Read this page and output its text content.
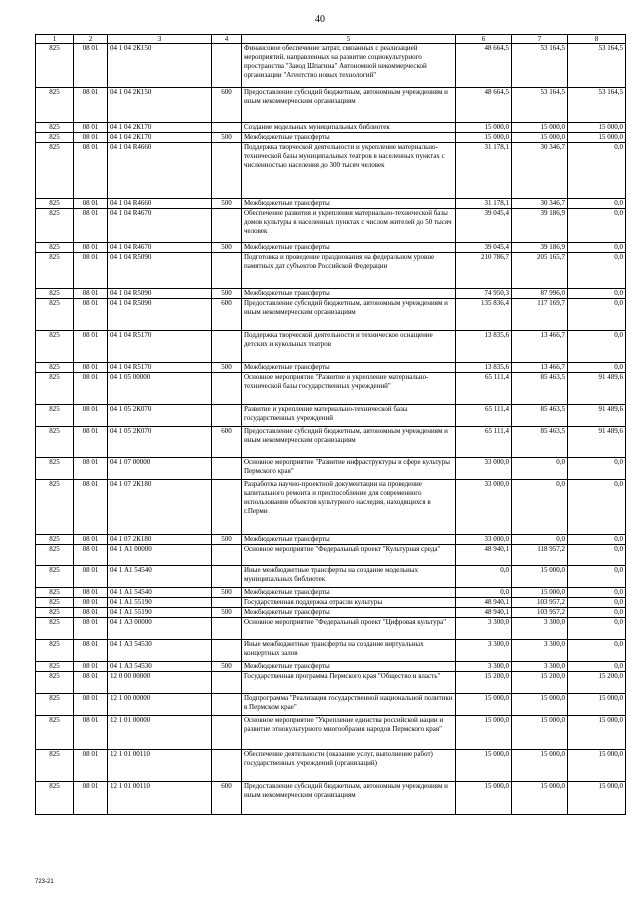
40
1	2	3	4	5	6	7	8
825	08 01	04 1 04 2К150		Финансовое обеспечение затрат, связанных с реализацией мероприятий, направленных на развитие социокультурного пространства "Завод Шпагина" Автономной некоммерческой организации "Агентство новых технологий"	48 664,5	53 164,5	53 164,5
825	08 01	04 1 04 2К150	600	Предоставление субсидий бюджетным, автономным учреждениям и иным некоммерческим организациям	48 664,5	53 164,5	53 164,5
825	08 01	04 1 04 2К170		Создание модельных муниципальных библиотек	15 000,0	15 000,0	15 000,0
825	08 01	04 1 04 2К170	500	Межбюджетные трансферты	15 000,0	15 000,0	15 000,0
825	08 01	04 1 04 R4660		Поддержка творческой деятельности и укрепление материально-технической базы муниципальных театров в населенных пунктах с численностью населения до 300 тысяч человек	31 178,1	30 346,7	0,0
825	08 01	04 1 04 R4660	500	Межбюджетные трансферты	31 178,1	30 346,7	0,0
825	08 01	04 1 04 R4670		Обеспечение развития и укрепления материально-технической базы домов культуры в населенных пунктах с числом жителей до 50 тысяч человек	39 045,4	39 186,9	0,0
825	08 01	04 1 04 R4670	500	Межбюджетные трансферты	39 045,4	39 186,9	0,0
825	08 01	04 1 04 R5090		Подготовка и проведение празднования на федеральном уровне памятных дат субъектов Российской Федерации	210 786,7	205 165,7	0,0
825	08 01	04 1 04 R5090	500	Межбюджетные трансферты	74 950,3	87 996,0	0,0
825	08 01	04 1 04 R5090	600	Предоставление субсидий бюджетным, автономным учреждениям и иным некоммерческим организациям	135 836,4	117 169,7	0,0
825	08 01	04 1 04 R5170		Поддержка творческой деятельности и техническое оснащение детских и кукольных театров	13 835,6	13 466,7	0,0
825	08 01	04 1 04 R5170	500	Межбюджетные трансферты	13 835,6	13 466,7	0,0
825	08 01	04 1 05 00000		Основное мероприятие "Развитие и укрепление материально-технической базы государственных учреждений"	65 111,4	85 463,5	91 489,6
825	08 01	04 1 05 2К070		Развитие и укрепление материально-технической базы государственных учреждений	65 111,4	85 463,5	91 489,6
825	08 01	04 1 05 2К070	600	Предоставление субсидий бюджетным, автономным учреждениям и иным некоммерческим организациям	65 111,4	85 463,5	91 489,6
825	08 01	04 1 07 00000		Основное мероприятие "Развитие инфраструктуры в сфере культуры Пермского края"	33 000,0	0,0	0,0
825	08 01	04 1 07 2К180		Разработка научно-проектной документации на проведение капитального ремонта и приспособление для современного использования объектов культурного наследия, находящихся в г.Перми	33 000,0	0,0	0,0
825	08 01	04 1 07 2К180	500	Межбюджетные трансферты	33 000,0	0,0	0,0
825	08 01	04 1 А1 00000		Основное мероприятие "Федеральный проект "Культурная среда"	48 940,1	118 957,2	0,0
825	08 01	04 1 А1 54540		Иные межбюджетные трансферты на создание модельных муниципальных библиотек	0,0	15 000,0	0,0
825	08 01	04 1 А1 54540	500	Межбюджетные трансферты	0,0	15 000,0	0,0
825	08 01	04 1 А1 55190		Государственная поддержка отрасли культуры	48 940,1	103 957,2	0,0
825	08 01	04 1 А1 55190	500	Межбюджетные трансферты	48 940,1	103 957,2	0,0
825	08 01	04 1 А3 00000		Основное мероприятие "Федеральный проект "Цифровая культура"	3 300,0	3 300,0	0,0
825	08 01	04 1 А3 54530		Иные межбюджетные трансферты на создание виртуальных концертных залов	3 300,0	3 300,0	0,0
825	08 01	04 1 А3 54530	500	Межбюджетные трансферты	3 300,0	3 300,0	0,0
825	08 01	12 0 00 00000		Государственная программа Пермского края "Общество и власть"	15 200,0	15 200,0	15 200,0
825	08 01	12 1 00 00000		Подпрограмма "Реализация государственной национальной политики в Пермском крае"	15 000,0	15 000,0	15 000,0
825	08 01	12 1 01 00000		Основное мероприятие "Укрепление единства российской нации и развитие этнокультурного многообразия народов Пермского края"	15 000,0	15 000,0	15 000,0
825	08 01	12 1 01 00110		Обеспечение деятельности (оказание услуг, выполнение работ) государственных учреждений (организаций)	15 000,0	15 000,0	15 000,0
825	08 01	12 1 01 00110	600	Предоставление субсидий бюджетным, автономным учреждениям и иным некоммерческим организациям	15 000,0	15 000,0	15 000,0
723-21
